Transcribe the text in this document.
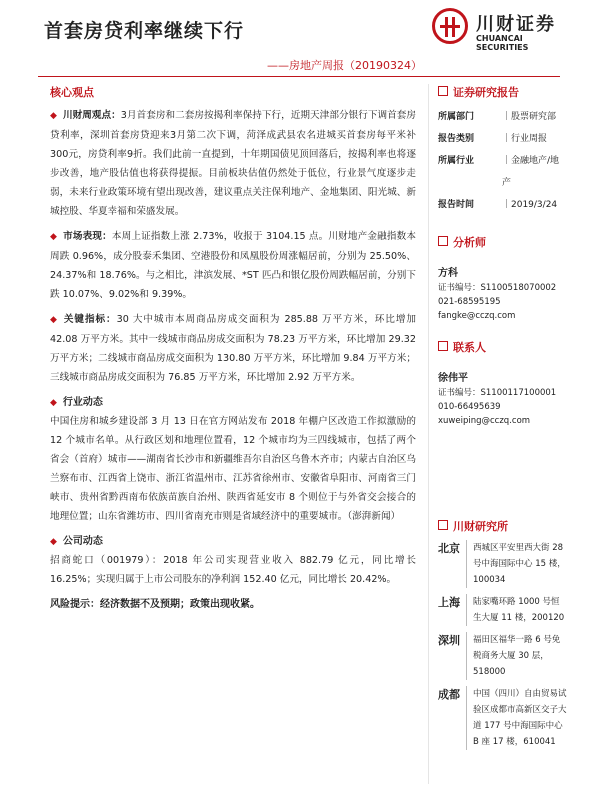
首套房贷利率继续下行
——房地产周报（20190324）
川财证券
CHUANCAI SECURITIES
核心观点
◆ 川财周观点：3月首套房和二套房按揭利率保持下行，近期天津部分银行下调首套房贷利率，深圳首套房贷迎来3月第二次下调，菏泽成武县农名进城买首套房每平米补300元，房贷利率9折。我们此前一直提到，十年期国债见顶回落后，按揭利率也将逐步改善，地产股估值也将获得提振。目前板块估值仍然处于低位，行业景气度逐步走弱，未来行业政策环境有望出现改善，建议重点关注保利地产、金地集团、阳光城、新城控股、华夏幸福和荣盛发展。
◆ 市场表现：本周上证指数上涨 2.73%，收报于 3104.15 点。川财地产金融指数本周跌 0.96%，成分股泰禾集团、空港股份和凤凰股份周涨幅居前，分别为 25.50%、24.37%和 18.76%。与之相比，津滨发展、*ST 匹凸和银亿股份周跌幅居前，分别下跌 10.07%、9.02%和 9.39%。
◆ 关键指标：30 大中城市本周商品房成交面积为 285.88 万平方米，环比增加 42.08 万平方米。其中一线城市商品房成交面积为 78.23 万平方米，环比增加 29.32 万平方米；二线城市商品房成交面积为 130.80 万平方米，环比增加 9.84 万平方米；三线城市商品房成交面积为 76.85 万平方米，环比增加 2.92 万平方米。
◆ 行业动态
中国住房和城乡建设部 3 月 13 日在官方网站发布 2018 年棚户区改造工作拟激励的 12 个城市名单。从行政区划和地理位置看，12 个城市均为三四线城市，包括了两个省会（首府）城市——湖南省长沙市和新疆维吾尔自治区乌鲁木齐市；内蒙古自治区乌兰察布市、江西省上饶市、浙江省温州市、江苏省徐州市、安徽省阜阳市、河南省三门峡市、贵州省黔西南布依族苗族自治州、陕西省延安市 8 个则位于与外省交会接合的地理位置；山东省潍坊市、四川省南充市则是省域经济中的重要城市。（澎湃新闻）
◆ 公司动态
招商蛇口（001979）：2018 年公司实现营业收入 882.79 亿元，同比增长 16.25%；实现归属于上市公司股东的净利润 152.40 亿元，同比增长 20.42%。
风险提示：经济数据不及预期；政策出现收紧。
证券研究报告
所属部门	｜股票研究部
报告类别	｜行业周报
所属行业	｜金融地产/地产
报告时间	｜2019/3/24
分析师
方科
证书编号：S1100518070002
021-68595195
fangke@cczq.com
联系人
徐伟平
证书编号：S1100117100001
010-66495639
xuweiping@cczq.com
川财研究所
北京	西城区平安里西大街 28 号中海国际中心 15 楼，100034
上海	陆家嘴环路 1000 号恒生大厦 11 楼，200120
深圳	福田区福华一路 6 号免税商务大厦 30 层，518000
成都	中国（四川）自由贸易试验区成都市高新区交子大道 177 号中海国际中心 B 座 17 楼，610041
